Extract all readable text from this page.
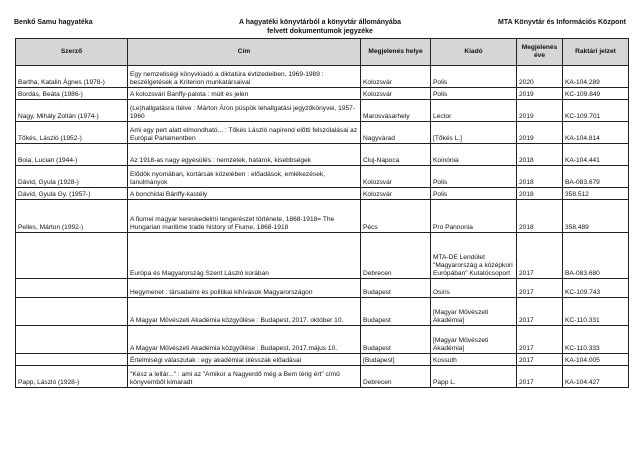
Benkő Samu hagyatéka	A hagyatéki könyvtárból a könyvtár állományába
felvett dokumentumok jegyzéke
MTA Könyvtár és Információs Központ
Szerző	Cím	Megjelenés helye	Kiadó	Megjelenés éve	Raktári jelzet
Bartha, Katalin Ágnes (1978-)	Egy nemzetiségi könyvkiadó a diktatúra évtizedeiben, 1969-1989 : beszélgetések a Kriterion munkatársaival	Kolozsvár	Polis	2020	KA-104.289
Bordás, Beáta (1986-)	A kolozsvári Bánffy-palota : múlt és jelen	Kolozsvár	Polis	2019	KC-109.849
Nagy, Mihály Zoltán (1974-)	(Le)hallgatásra ítélve : Márton Áron püspök lehallgatási jegyzőkönyvei, 1957-1960	Marosvásárhely	Lector	2019	KC-109.701
Tőkés, László (1952-)	Ami egy pert alatt elmondható... : Tőkés László napirend előtti felszólalásai az Európai Parlamentben	Nagyvárad	[Tőkés L.]	2019	KA-104.814
Boia, Lucian (1944-)	Az 1918-as nagy egyesülés : nemzetek, határok, kisebbségek	Cluj-Napoca	Koinónia	2018	KA-104.441
Dávid, Gyula (1928-)	Elődök nyomában, kortársak közelében : előadások, emlékezések, tanulmányok	Kolozsvár	Polis	2018	BA-083.679
Dávid, Gyula Gy. (1957-)	A bonchidai Bánffy-kastély	Kolozsvár	Polis	2018	358.512
Pelles, Márton (1992-)	A fiumei magyar kereskedelmi tengerészet története, 1868-1918= The Hungarian maritime trade history of Fiume, 1868-1918	Pécs	Pro Pannonia	2018	358.489
	Európa és Magyarország Szent László korában	Debrecen	MTA-DE Lendület "Magyarország a középkori Európában" Kutatócsoport	2017	BA-083.680
	Hegymenet : társadalmi és politikai kihívások Magyarországon	Budapest	Osiris	2017	KC-109.743
	A Magyar Művészeti Akadémia közgyűlése : Budapest, 2017. október 10.	Budapest	[Magyar Művészeti Akadémia]	2017	KC-110.331
	A Magyar Művészeti Akadémia közgyűlése : Budapest, 2017.május 10.	Budapest	[Magyar Művészeti Akadémia]	2017	KC-110.333
	Értelmiségi válaszutak : egy akadémiai ülésszak előadásai	[Budapest]	Kossuth	2017	KA-104.005
Papp, László (1928-)	"Kész a leltár..." : ami az "Amikor a Nagyerdő még a Bem térig ért" című könyvemből kimaradt	Debrecen	Papp L.	2017	KA-104.427
